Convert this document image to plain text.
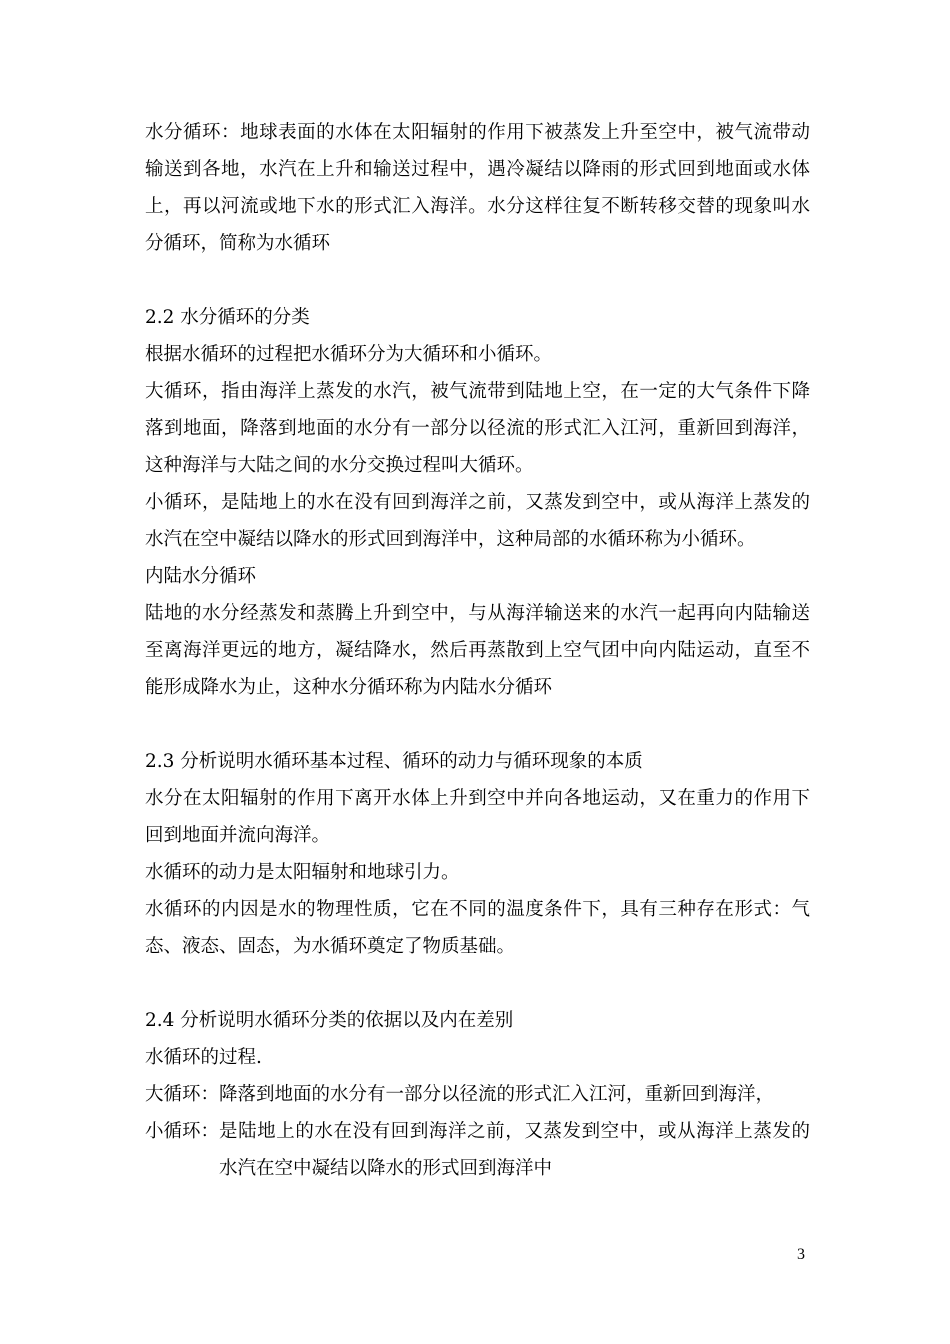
水分循环：地球表面的水体在太阳辐射的作用下被蒸发上升至空中，被气流带动输送到各地，水汽在上升和输送过程中，遇冷凝结以降雨的形式回到地面或水体上，再以河流或地下水的形式汇入海洋。水分这样往复不断转移交替的现象叫水分循环，简称为水循环

2.2 水分循环的分类

根据水循环的过程把水循环分为大循环和小循环。

大循环，指由海洋上蒸发的水汽，被气流带到陆地上空，在一定的大气条件下降落到地面，降落到地面的水分有一部分以径流的形式汇入江河，重新回到海洋，这种海洋与大陆之间的水分交换过程叫大循环。

小循环，是陆地上的水在没有回到海洋之前，又蒸发到空中，或从海洋上蒸发的水汽在空中凝结以降水的形式回到海洋中，这种局部的水循环称为小循环。

内陆水分循环

陆地的水分经蒸发和蒸腾上升到空中，与从海洋输送来的水汽一起再向内陆输送至离海洋更远的地方，凝结降水，然后再蒸散到上空气团中向内陆运动，直至不能形成降水为止，这种水分循环称为内陆水分循环

2.3 分析说明水循环基本过程、循环的动力与循环现象的本质

水分在太阳辐射的作用下离开水体上升到空中并向各地运动，又在重力的作用下回到地面并流向海洋。

水循环的动力是太阳辐射和地球引力。

水循环的内因是水的物理性质，它在不同的温度条件下，具有三种存在形式：气态、液态、固态，为水循环奠定了物质基础。

2.4 分析说明水循环分类的依据以及内在差别

水循环的过程.

大循环： 降落到地面的水分有一部分以径流的形式汇入江河，重新回到海洋，
小循环： 是陆地上的水在没有回到海洋之前，又蒸发到空中，或从海洋上蒸发的水汽在空中凝结以降水的形式回到海洋中
3
